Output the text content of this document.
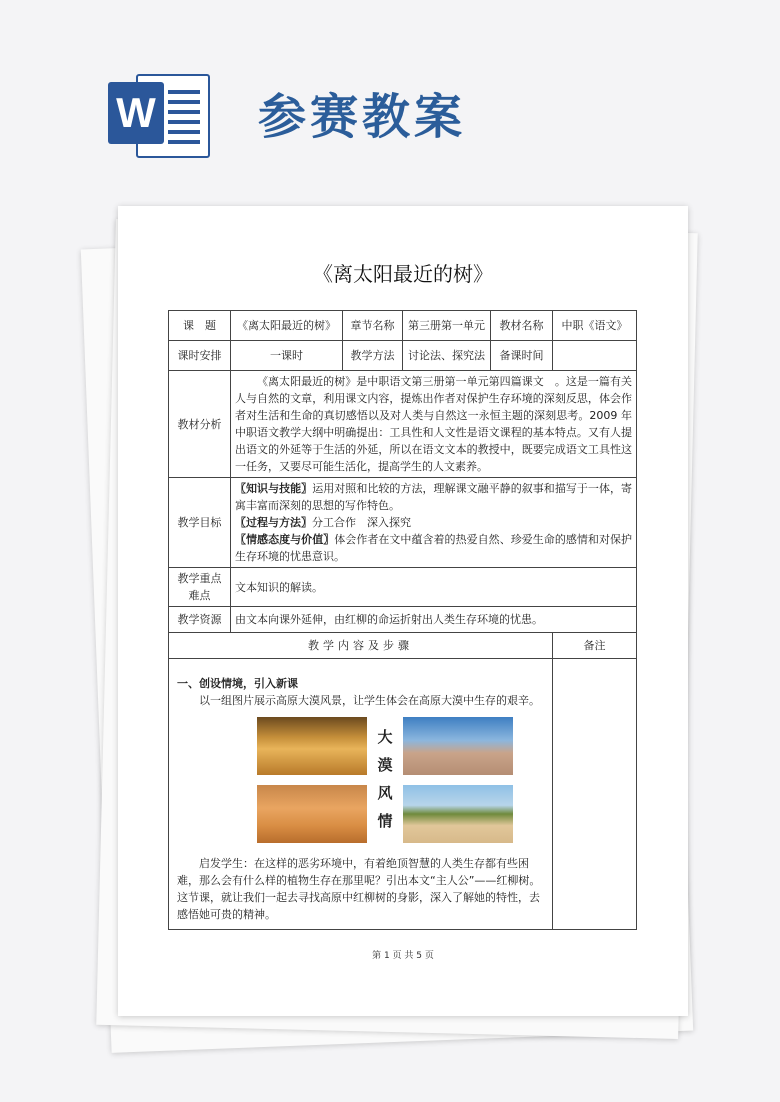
W 参赛教案
《离太阳最近的树》
课　题	《离太阳最近的树》	章节名称	第三册第一单元	教材名称	中职《语文》
课时安排	一课时	教学方法	讨论法、探究法	备课时间	
教材分析	《离太阳最近的树》是中职语文第三册第一单元第四篇课文　。这是一篇有关人与自然的文章，利用课文内容，提炼出作者对保护生存环境的深刻反思，体会作者对生活和生命的真切感悟以及对人类与自然这一永恒主题的深刻思考。2009 年中职语文教学大纲中明确提出：工具性和人文性是语文课程的基本特点。又有人提出语文的外延等于生活的外延，所以在语文文本的教授中，既要完成语文工具性这一任务，又要尽可能生活化，提高学生的人文素养。				

教学目标	〖知识与技能〗运用对照和比较的方法，理解课文融平静的叙事和描写于一体，寄寓丰富而深刻的思想的写作特色。
〖过程与方法〗分工合作　深入探究
〖情感态度与价值〗体会作者在文中蕴含着的热爱自然、珍爱生命的感情和对保护生存环境的忧患意识。				

教学重点难点	文本知识的解读。				
教学资源	由文本向课外延伸，由红柳的命运折射出人类生存环境的忧患。				
教学内容及步骤					备注

一、创设情境，引入新课
以一组图片展示高原大漠风景，让学生体会在高原大漠中生存的艰辛。
大漠风情
启发学生：在这样的恶劣环境中，有着绝顶智慧的人类生存都有些困难，那么会有什么样的植物生存在那里呢？引出本文“主人公”——红柳树。这节课，就让我们一起去寻找高原中红柳树的身影，深入了解她的特性，去感悟她可贵的精神。					

第 1 页 共 5 页
